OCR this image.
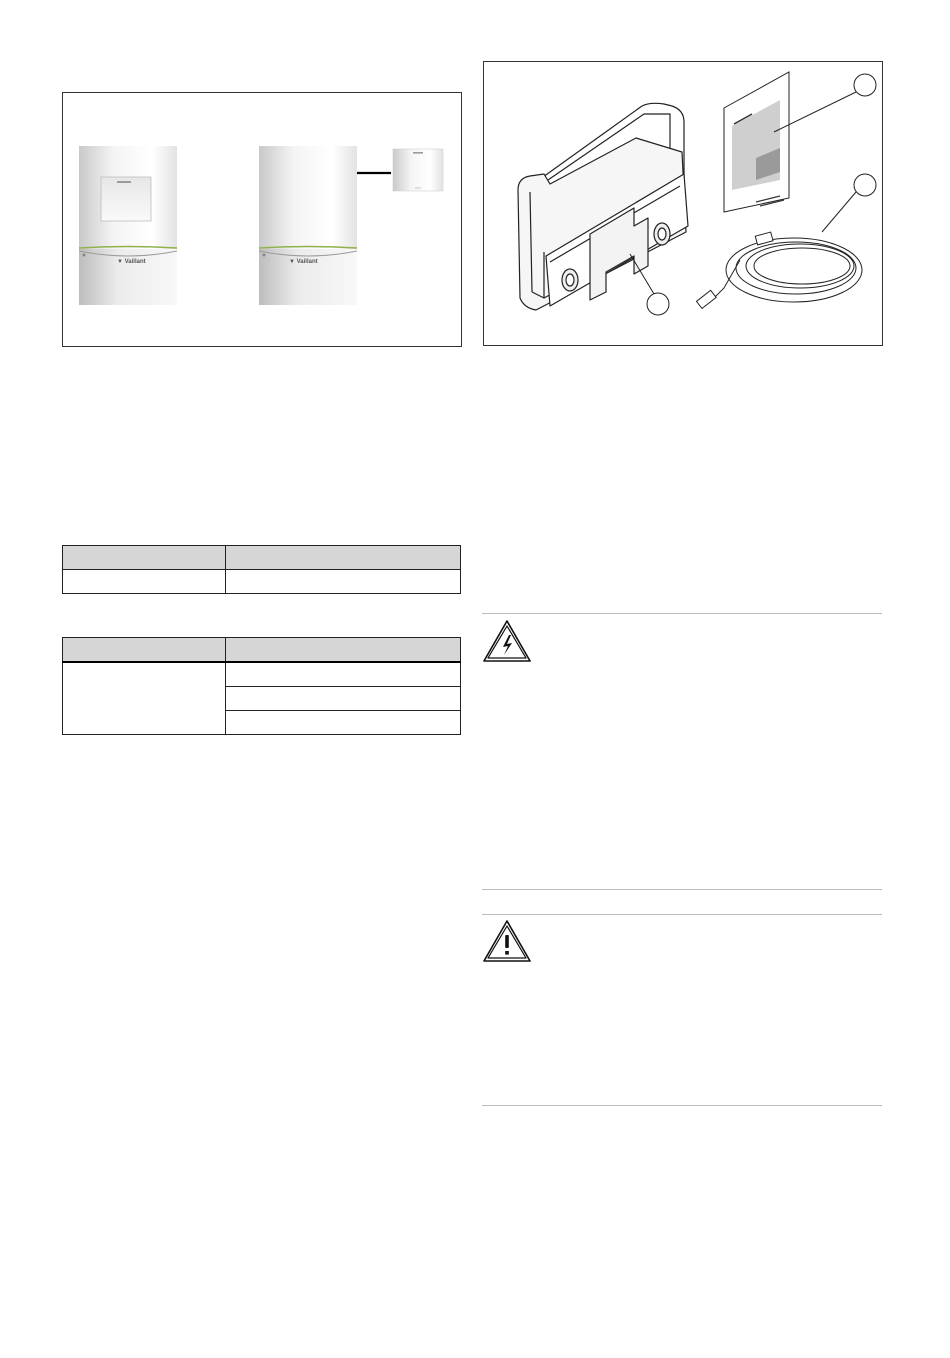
▼ Vaillant	▼ Vaillant
